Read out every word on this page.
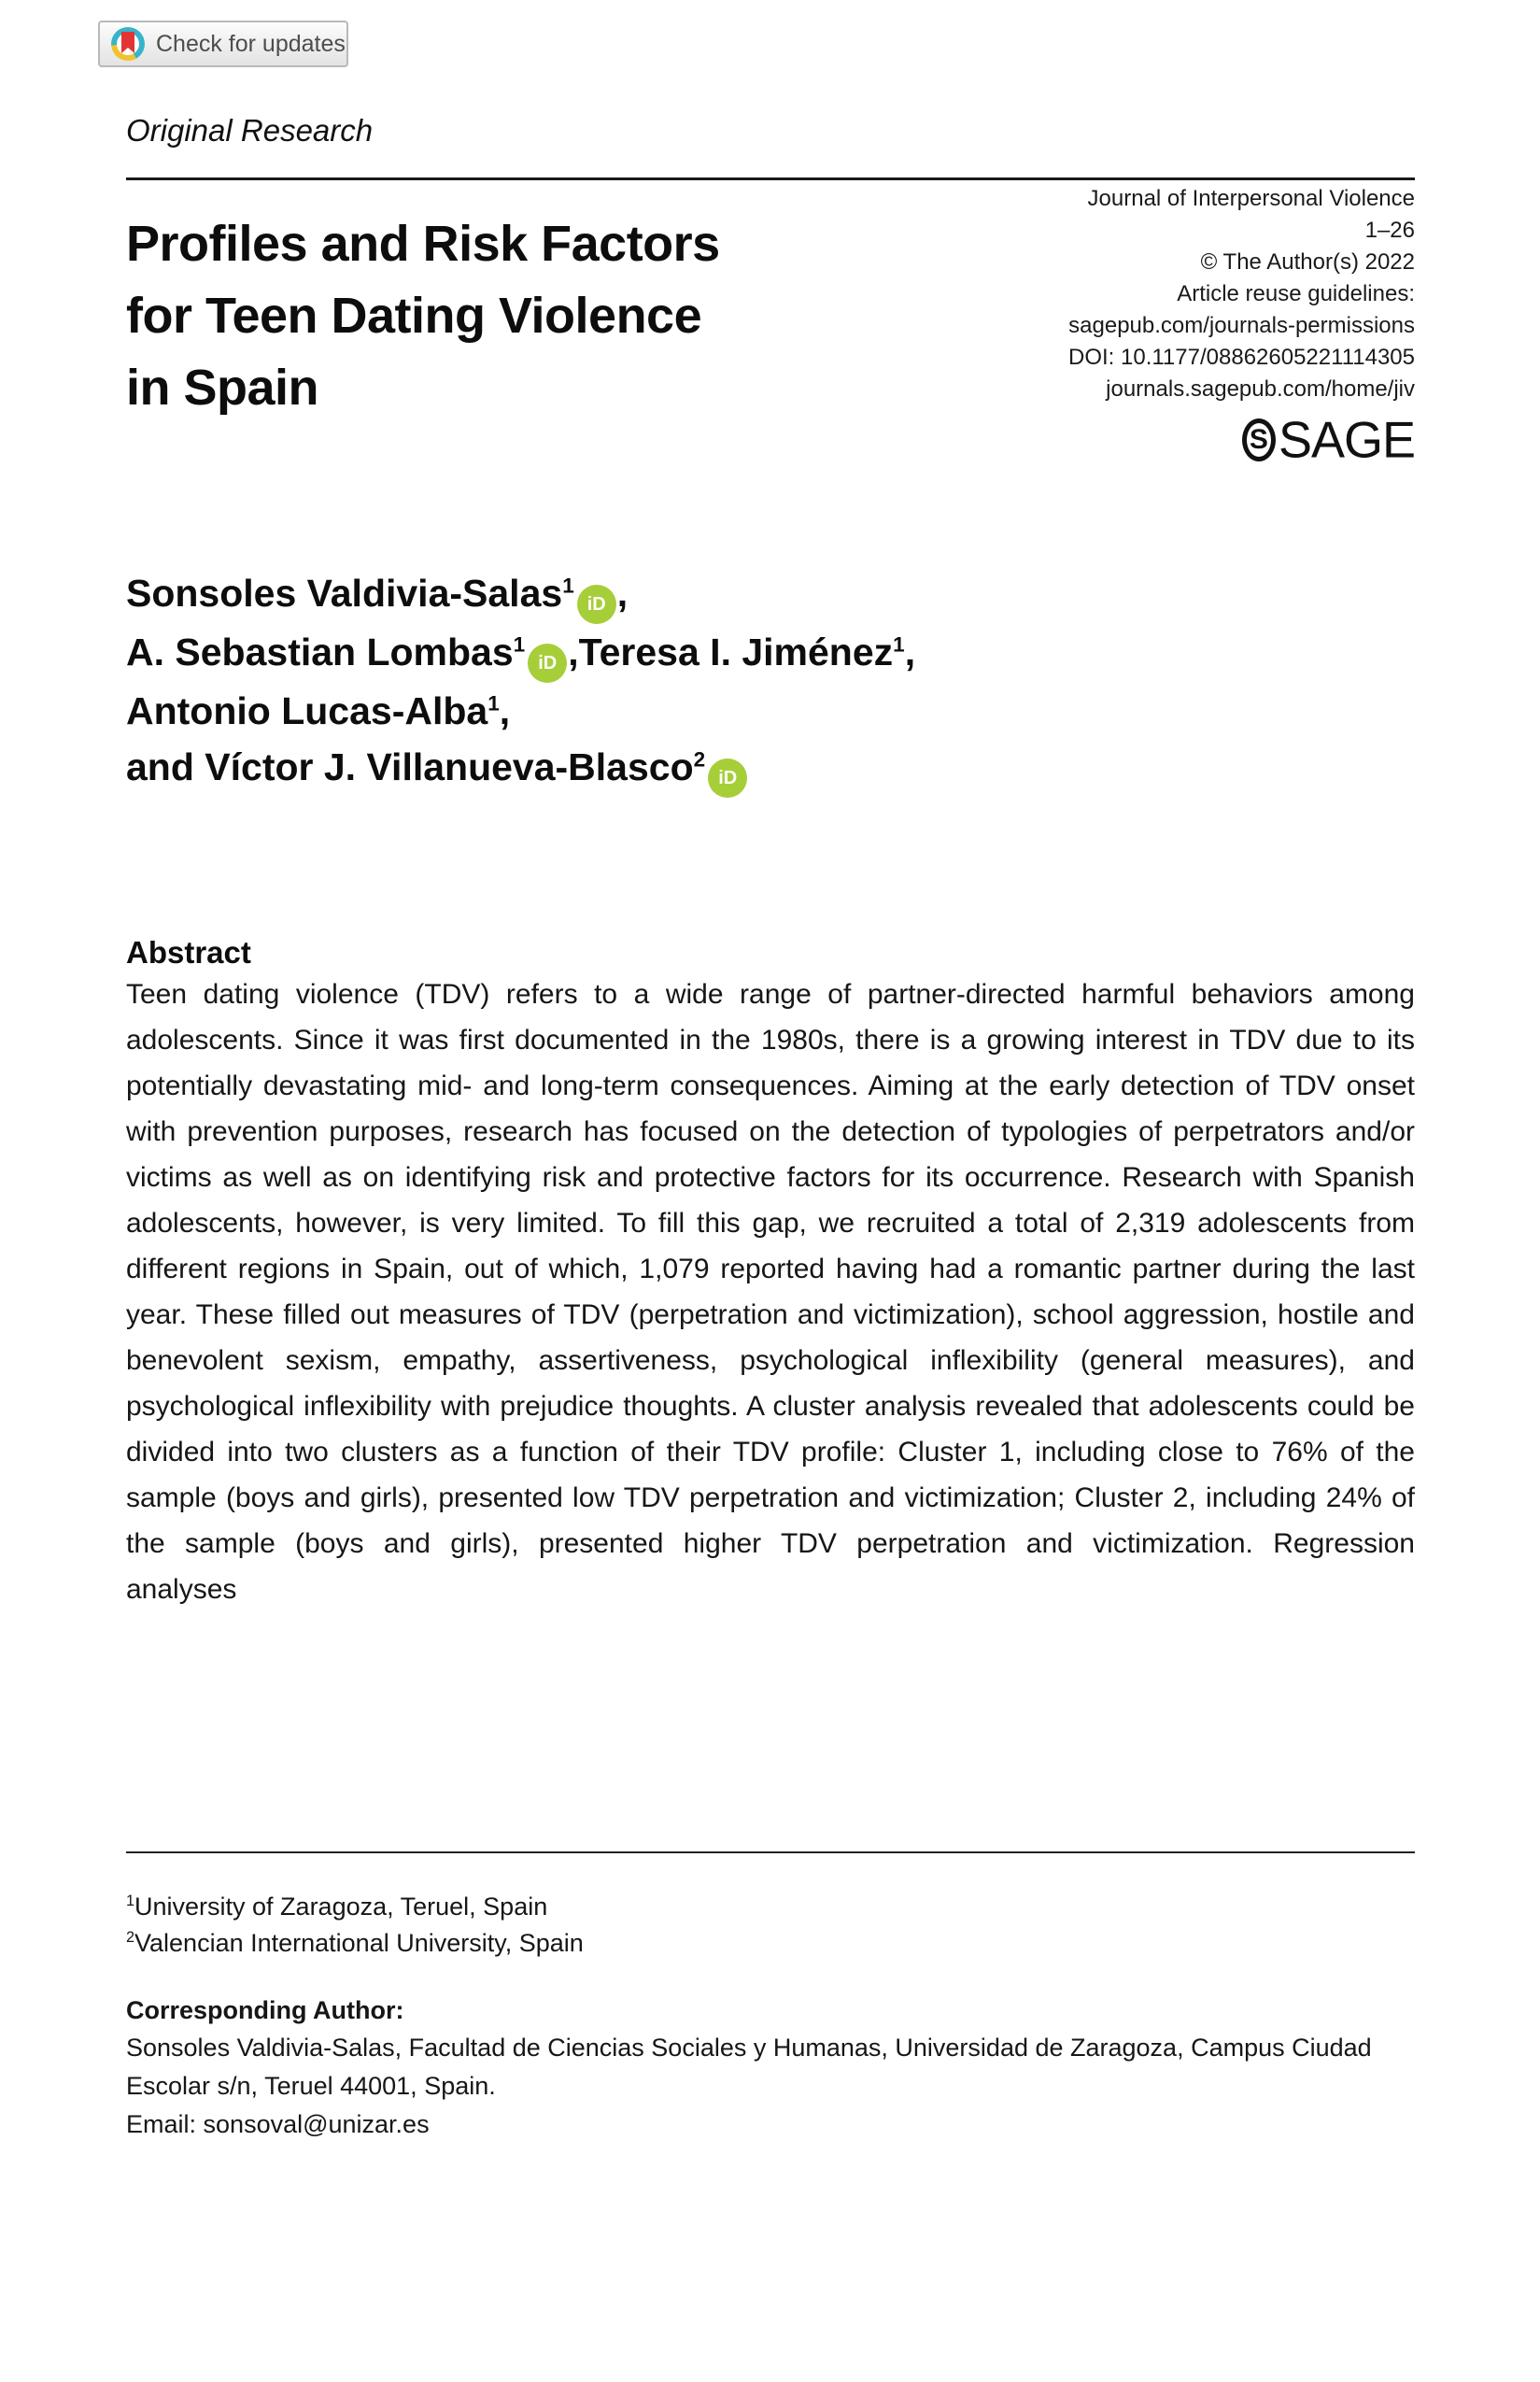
Check for updates
Original Research
Profiles and Risk Factors
for Teen Dating Violence
in Spain
Journal of Interpersonal Violence
1–26
© The Author(s) 2022
Article reuse guidelines:
sagepub.com/journals-permissions
DOI: 10.1177/08862605221114305
journals.sagepub.com/home/jiv
S SAGE
Sonsoles Valdivia-Salas$^1$iD ,
A. Sebastian Lombas$^1$iD ,Teresa I. Jiménez$^1$,
Antonio Lucas-Alba$^1$,
and Víctor J. Villanueva-Blasco$^2$iD
Abstract
Teen dating violence (TDV) refers to a wide range of partner-directed harmful behaviors among adolescents. Since it was first documented in the 1980s, there is a growing interest in TDV due to its potentially devastating mid- and long-term consequences. Aiming at the early detection of TDV onset with prevention purposes, research has focused on the detection of typologies of perpetrators and/or victims as well as on identifying risk and protective factors for its occurrence. Research with Spanish adolescents, however, is very limited. To fill this gap, we recruited a total of 2,319 adolescents from different regions in Spain, out of which, 1,079 reported having had a romantic partner during the last year. These filled out measures of TDV (perpetration and victimization), school aggression, hostile and benevolent sexism, empathy, assertiveness, psychological inflexibility (general measures), and psychological inflexibility with prejudice thoughts. A cluster analysis revealed that adolescents could be divided into two clusters as a function of their TDV profile: Cluster 1, including close to 76% of the sample (boys and girls), presented low TDV perpetration and victimization; Cluster 2, including 24% of the sample (boys and girls), presented higher TDV perpetration and victimization. Regression analyses
$^1$University of Zaragoza, Teruel, Spain
$^2$Valencian International University, Spain
Corresponding Author:
Sonsoles Valdivia-Salas, Facultad de Ciencias Sociales y Humanas, Universidad de Zaragoza, Campus Ciudad Escolar s/n, Teruel 44001, Spain.
Email: sonsoval@unizar.es
